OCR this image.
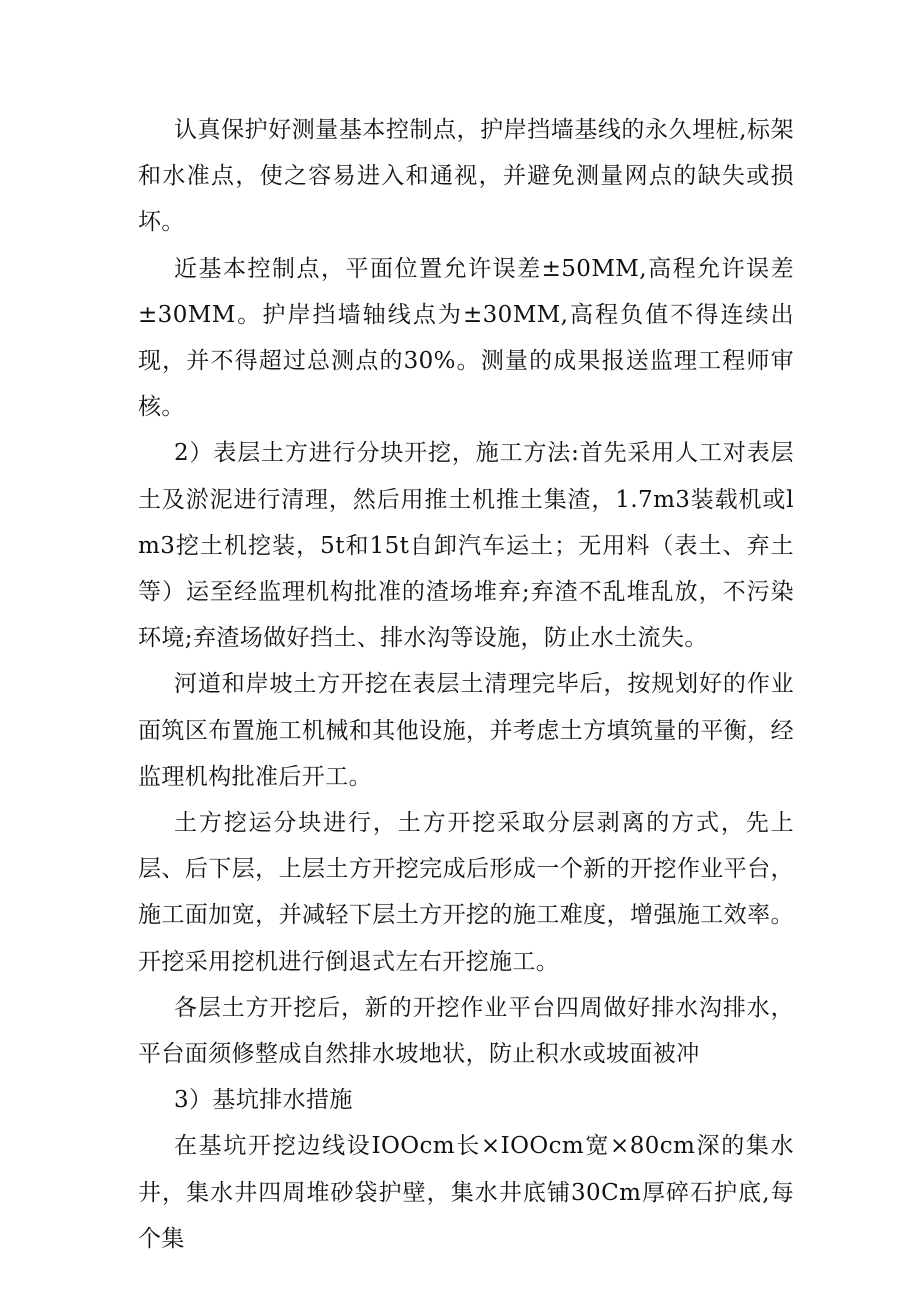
认真保护好测量基本控制点，护岸挡墙基线的永久埋桩,标架和水准点，使之容易进入和通视，并避免测量网点的缺失或损坏。

近基本控制点，平面位置允许误差±50MM,高程允许误差±30MM。护岸挡墙轴线点为±30MM,高程负值不得连续出现，并不得超过总测点的30%。测量的成果报送监理工程师审核。

2）表层土方进行分块开挖，施工方法:首先采用人工对表层土及淤泥进行清理，然后用推土机推土集渣，1.7m3装载机或lm3挖土机挖装，5t和15t自卸汽车运土；无用料（表土、弃土等）运至经监理机构批准的渣场堆弃;弃渣不乱堆乱放，不污染环境;弃渣场做好挡土、排水沟等设施，防止水土流失。

河道和岸坡土方开挖在表层土清理完毕后，按规划好的作业面筑区布置施工机械和其他设施，并考虑土方填筑量的平衡，经监理机构批准后开工。

土方挖运分块进行，土方开挖采取分层剥离的方式，先上层、后下层，上层土方开挖完成后形成一个新的开挖作业平台，施工面加宽，并减轻下层土方开挖的施工难度，增强施工效率。开挖采用挖机进行倒退式左右开挖施工。

各层土方开挖后，新的开挖作业平台四周做好排水沟排水，平台面须修整成自然排水坡地状，防止积水或坡面被冲

3）基坑排水措施

在基坑开挖边线设IOOcm长×IOOcm宽×80cm深的集水井，集水井四周堆砂袋护壁，集水井底铺30Cm厚碎石护底,每个集
